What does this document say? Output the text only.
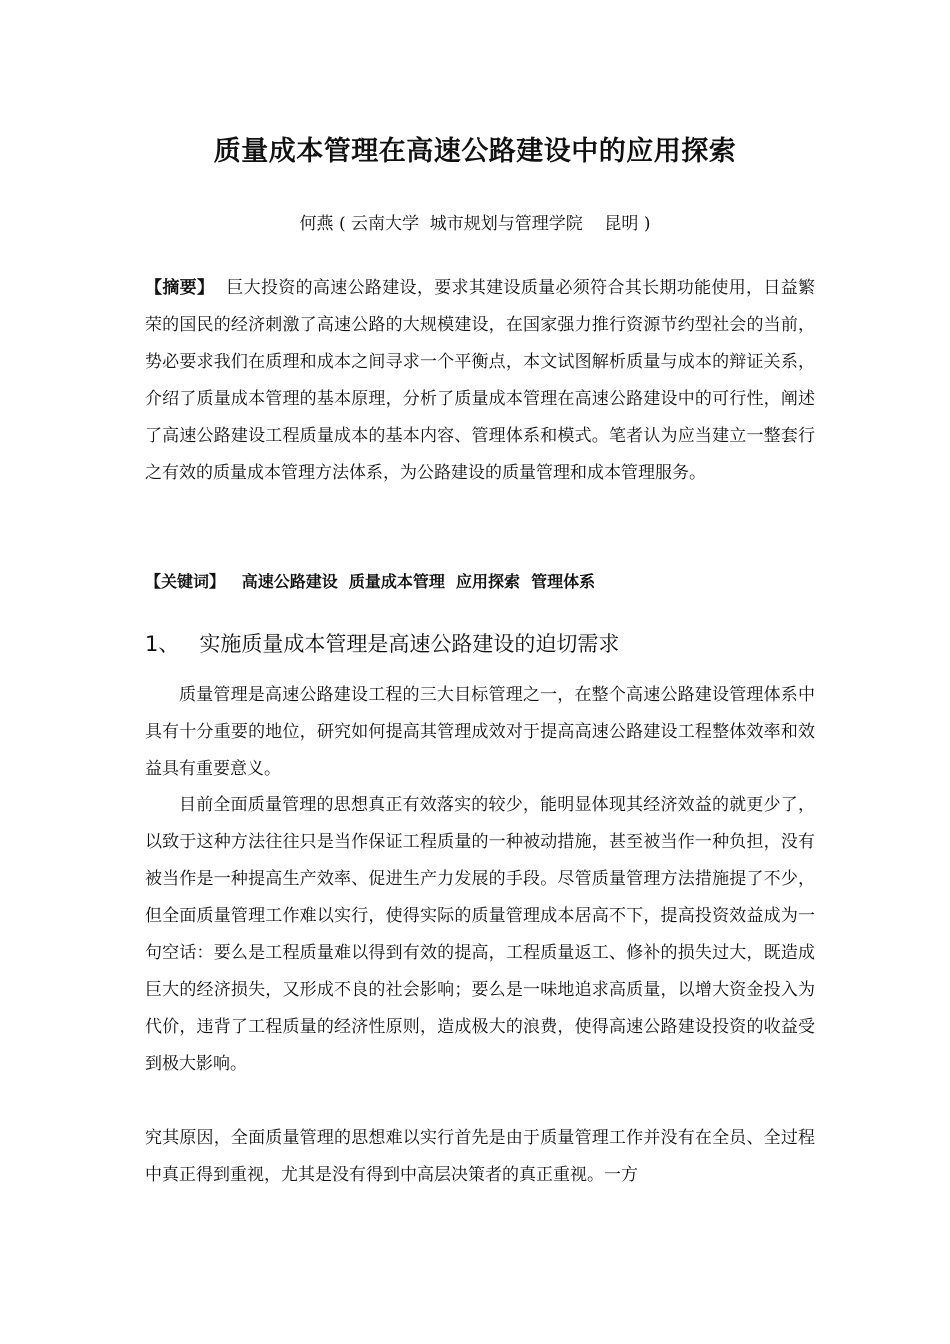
质量成本管理在高速公路建设中的应用探索
何燕 ( 云南大学  城市规划与管理学院    昆明 )
【摘要】 巨大投资的高速公路建设，要求其建设质量必须符合其长期功能使用，日益繁荣的国民的经济刺激了高速公路的大规模建设，在国家强力推行资源节约型社会的当前，势必要求我们在质理和成本之间寻求一个平衡点，本文试图解析质量与成本的辩证关系，介绍了质量成本管理的基本原理，分析了质量成本管理在高速公路建设中的可行性，阐述了高速公路建设工程质量成本的基本内容、管理体系和模式。笔者认为应当建立一整套行之有效的质量成本管理方法体系，为公路建设的质量管理和成本管理服务。
【关键词】 高速公路建设  质量成本管理  应用探索  管理体系
1、 实施质量成本管理是高速公路建设的迫切需求
质量管理是高速公路建设工程的三大目标管理之一，在整个高速公路建设管理体系中具有十分重要的地位，研究如何提高其管理成效对于提高高速公路建设工程整体效率和效益具有重要意义。
目前全面质量管理的思想真正有效落实的较少，能明显体现其经济效益的就更少了，以致于这种方法往往只是当作保证工程质量的一种被动措施，甚至被当作一种负担，没有被当作是一种提高生产效率、促进生产力发展的手段。尽管质量管理方法措施提了不少，但全面质量管理工作难以实行，使得实际的质量管理成本居高不下，提高投资效益成为一句空话：要么是工程质量难以得到有效的提高，工程质量返工、修补的损失过大，既造成巨大的经济损失，又形成不良的社会影响；要么是一味地追求高质量，以增大资金投入为代价，违背了工程质量的经济性原则，造成极大的浪费，使得高速公路建设投资的收益受到极大影响。
究其原因，全面质量管理的思想难以实行首先是由于质量管理工作并没有在全员、全过程中真正得到重视，尤其是没有得到中高层决策者的真正重视。一方
